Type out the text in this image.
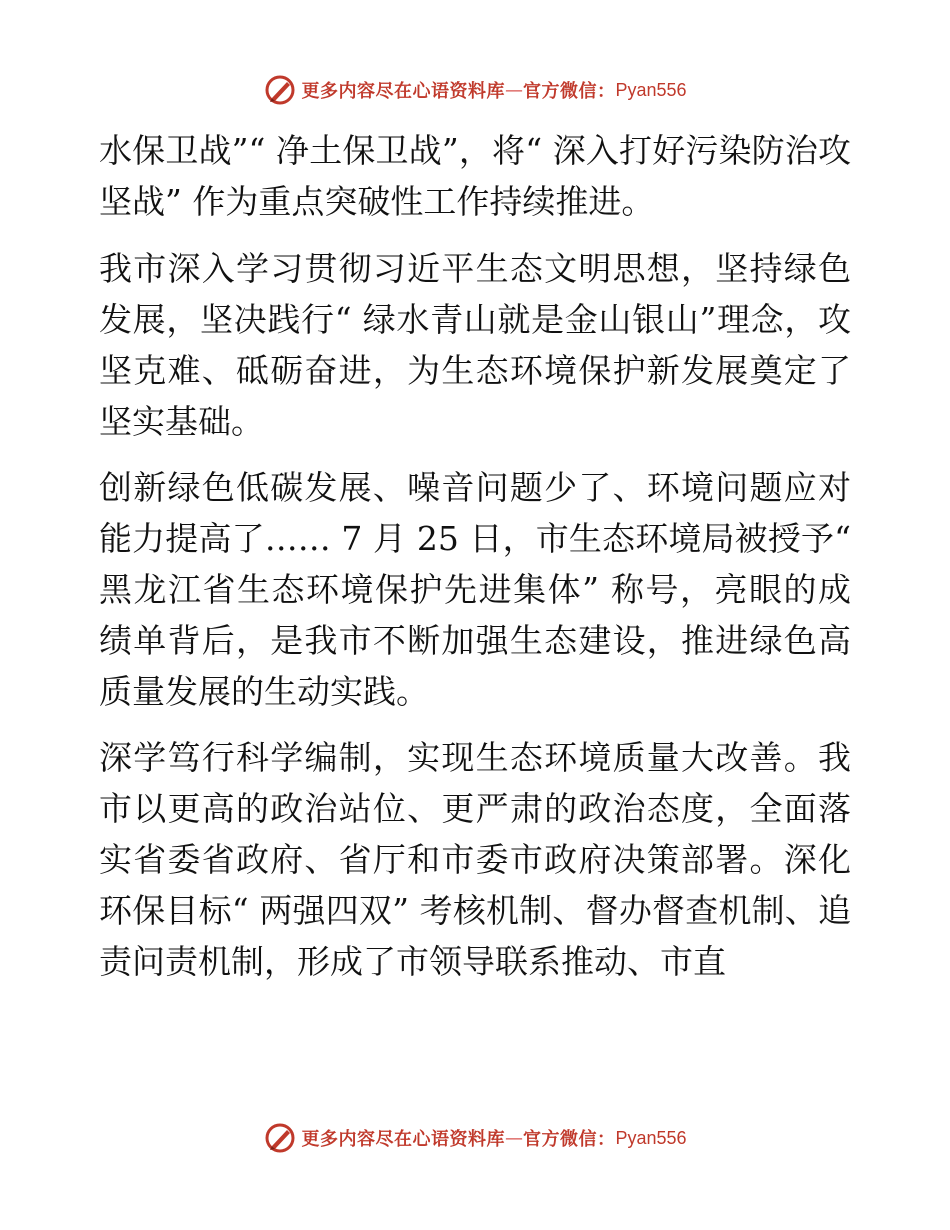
更多内容尽在心语资料库 — 官方微信： Pyan556

水保卫战”“ 净土保卫战”，将“ 深入打好污染防治攻坚战” 作为重点突破性工作持续推进。

我市深入学习贯彻习近平生态文明思想，坚持绿色发展，坚决践行“ 绿水青山就是金山银山”理念，攻坚克难、砥砺奋进，为生态环境保护新发展奠定了坚实基础。

创新绿色低碳发展、噪音问题少了、环境问题应对能力提高了…… 7 月 25 日，市生态环境局被授予“ 黑龙江省生态环境保护先进集体” 称号，亮眼的成绩单背后，是我市不断加强生态建设，推进绿色高质量发展的生动实践。

深学笃行科学编制，实现生态环境质量大改善。我市以更高的政治站位、更严肃的政治态度，全面落实省委省政府、省厅和市委市政府决策部署。深化环保目标“ 两强四双” 考核机制、督办督查机制、追责问责机制，形成了市领导联系推动、市直

更多内容尽在心语资料库 — 官方微信： Pyan556
